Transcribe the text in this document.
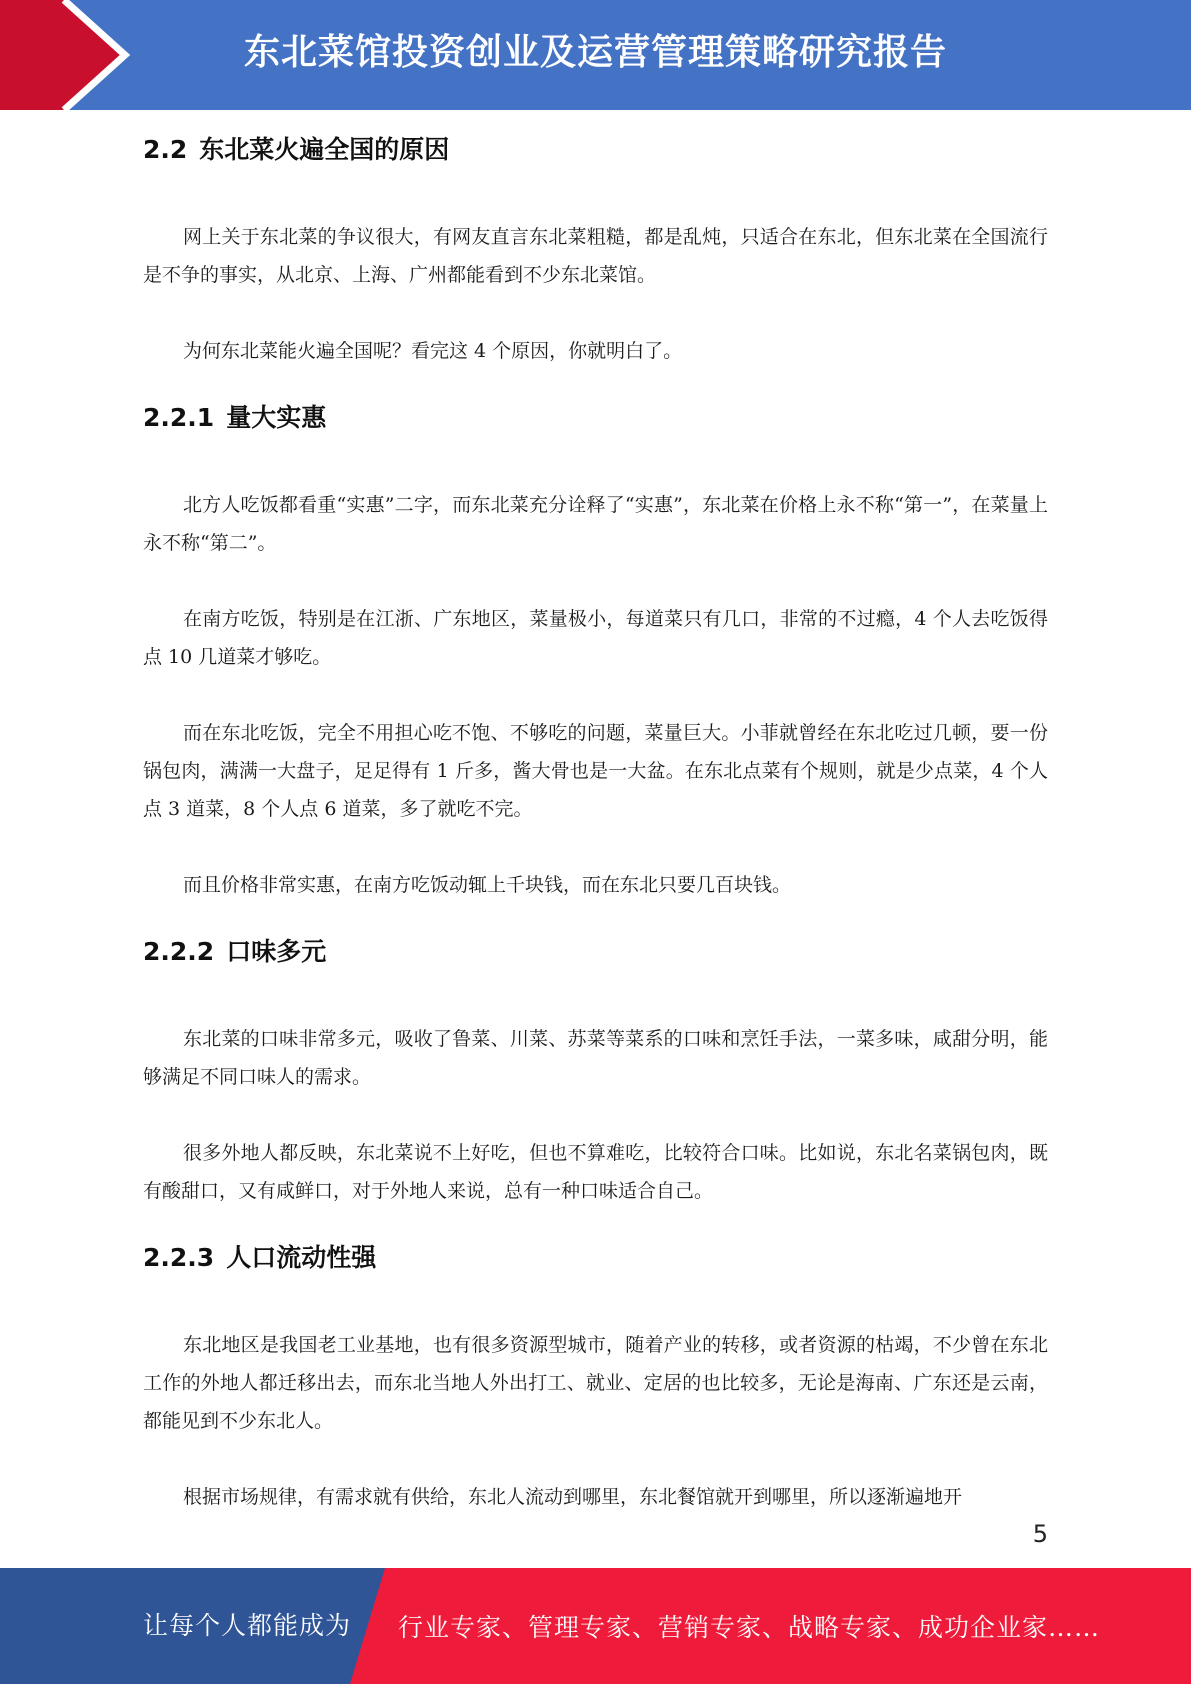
东北菜馆投资创业及运营管理策略研究报告
2.2 东北菜火遍全国的原因

网上关于东北菜的争议很大，有网友直言东北菜粗糙，都是乱炖，只适合在东北，但东北菜在全国流行是不争的事实，从北京、上海、广州都能看到不少东北菜馆。

为何东北菜能火遍全国呢？看完这 4 个原因，你就明白了。

2.2.1 量大实惠

北方人吃饭都看重“实惠”二字，而东北菜充分诠释了“实惠”，东北菜在价格上永不称“第一”，在菜量上永不称“第二”。

在南方吃饭，特别是在江浙、广东地区，菜量极小，每道菜只有几口，非常的不过瘾，4 个人去吃饭得点 10 几道菜才够吃。

而在东北吃饭，完全不用担心吃不饱、不够吃的问题，菜量巨大。小菲就曾经在东北吃过几顿，要一份锅包肉，满满一大盘子，足足得有 1 斤多，酱大骨也是一大盆。在东北点菜有个规则，就是少点菜，4 个人点 3 道菜，8 个人点 6 道菜，多了就吃不完。

而且价格非常实惠，在南方吃饭动辄上千块钱，而在东北只要几百块钱。

2.2.2 口味多元

东北菜的口味非常多元，吸收了鲁菜、川菜、苏菜等菜系的口味和烹饪手法，一菜多味，咸甜分明，能够满足不同口味人的需求。

很多外地人都反映，东北菜说不上好吃，但也不算难吃，比较符合口味。比如说，东北名菜锅包肉，既有酸甜口，又有咸鲜口，对于外地人来说，总有一种口味适合自己。

2.2.3 人口流动性强

东北地区是我国老工业基地，也有很多资源型城市，随着产业的转移，或者资源的枯竭，不少曾在东北工作的外地人都迁移出去，而东北当地人外出打工、就业、定居的也比较多，无论是海南、广东还是云南，都能见到不少东北人。

根据市场规律，有需求就有供给，东北人流动到哪里，东北餐馆就开到哪里，所以逐渐遍地开

5
让每个人都能成为 行业专家、管理专家、营销专家、战略专家、成功企业家……
